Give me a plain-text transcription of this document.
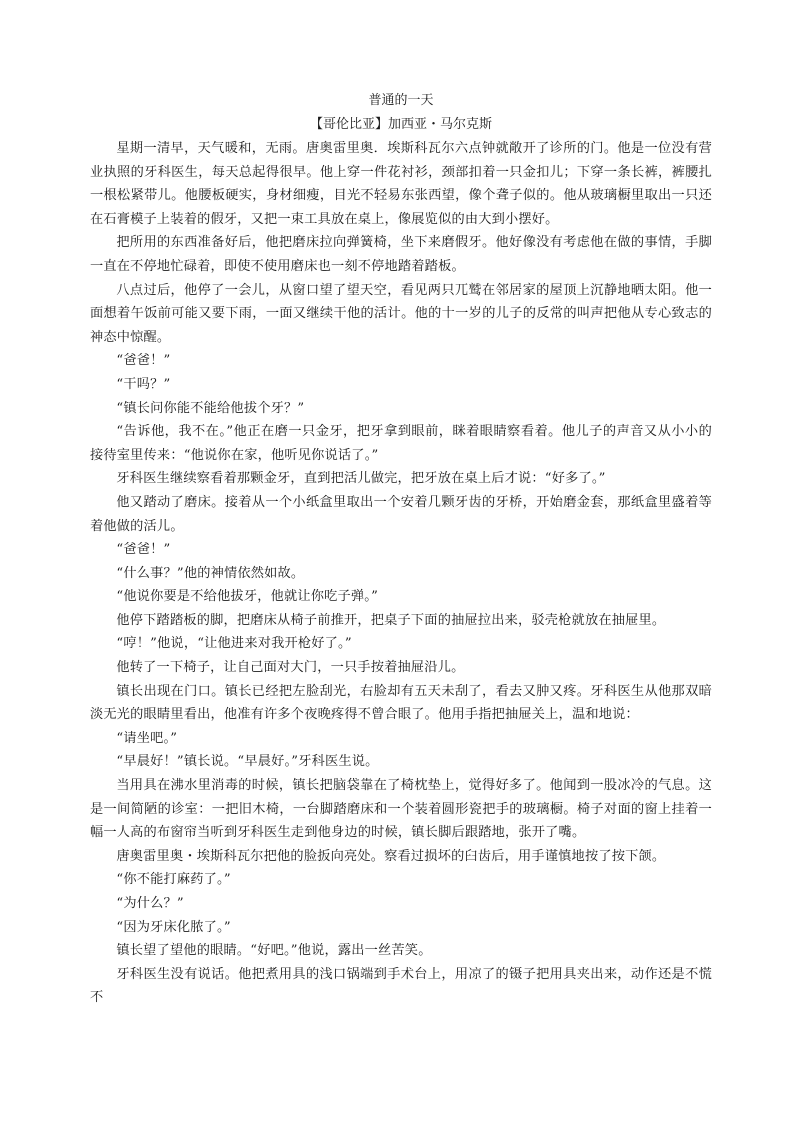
普通的一天
【哥伦比亚】加西亚・马尔克斯

星期一清早，天气暖和，无雨。唐奥雷里奥．埃斯科瓦尔六点钟就敞开了诊所的门。他是一位没有营业执照的牙科医生，每天总起得很早。他上穿一件花衬衫，颈部扣着一只金扣儿；下穿一条长裤，裤腰扎一根松紧带儿。他腰板硬实，身材细瘦，目光不轻易东张西望，像个聋子似的。他从玻璃橱里取出一只还在石膏模子上装着的假牙，又把一束工具放在桌上，像展览似的由大到小摆好。

把所用的东西准备好后，他把磨床拉向弹簧椅，坐下来磨假牙。他好像没有考虑他在做的事情，手脚一直在不停地忙碌着，即使不使用磨床也一刻不停地踏着踏板。

八点过后，他停了一会儿，从窗口望了望天空，看见两只兀鹫在邻居家的屋顶上沉静地晒太阳。他一面想着午饭前可能又要下雨，一面又继续干他的活计。他的十一岁的儿子的反常的叫声把他从专心致志的神态中惊醒。

“爸爸！”

“干吗？”

“镇长问你能不能给他拔个牙？”

“告诉他，我不在。”他正在磨一只金牙，把牙拿到眼前，眯着眼睛察看着。他儿子的声音又从小小的接待室里传来：“他说你在家，他听见你说话了。”

牙科医生继续察看着那颗金牙，直到把活儿做完，把牙放在桌上后才说：“好多了。”

他又踏动了磨床。接着从一个小纸盒里取出一个安着几颗牙齿的牙桥，开始磨金套，那纸盒里盛着等着他做的活儿。

“爸爸！”

“什么事？”他的神情依然如故。

“他说你要是不给他拔牙，他就让你吃子弹。”

他停下踏踏板的脚，把磨床从椅子前推开，把桌子下面的抽屉拉出来，驳壳枪就放在抽屉里。

“哼！”他说，“让他进来对我开枪好了。”

他转了一下椅子，让自己面对大门，一只手按着抽屉沿儿。

镇长出现在门口。镇长已经把左脸刮光，右脸却有五天未刮了，看去又肿又疼。牙科医生从他那双暗淡无光的眼睛里看出，他准有许多个夜晚疼得不曾合眼了。他用手指把抽屉关上，温和地说：

“请坐吧。”

“早晨好！”镇长说。“早晨好。”牙科医生说。

当用具在沸水里消毒的时候，镇长把脑袋靠在了椅枕垫上，觉得好多了。他闻到一股冰冷的气息。这是一间简陋的诊室：一把旧木椅，一台脚踏磨床和一个装着圆形瓷把手的玻璃橱。椅子对面的窗上挂着一幅一人高的布窗帘当听到牙科医生走到他身边的时候，镇长脚后跟踏地，张开了嘴。

唐奥雷里奥・埃斯科瓦尔把他的脸扳向亮处。察看过损坏的臼齿后，用手谨慎地按了按下颌。

“你不能打麻药了。”

“为什么？”

“因为牙床化脓了。”

镇长望了望他的眼睛。“好吧。”他说，露出一丝苦笑。

牙科医生没有说话。他把煮用具的浅口锅端到手术台上，用凉了的镊子把用具夹出来，动作还是不慌不
